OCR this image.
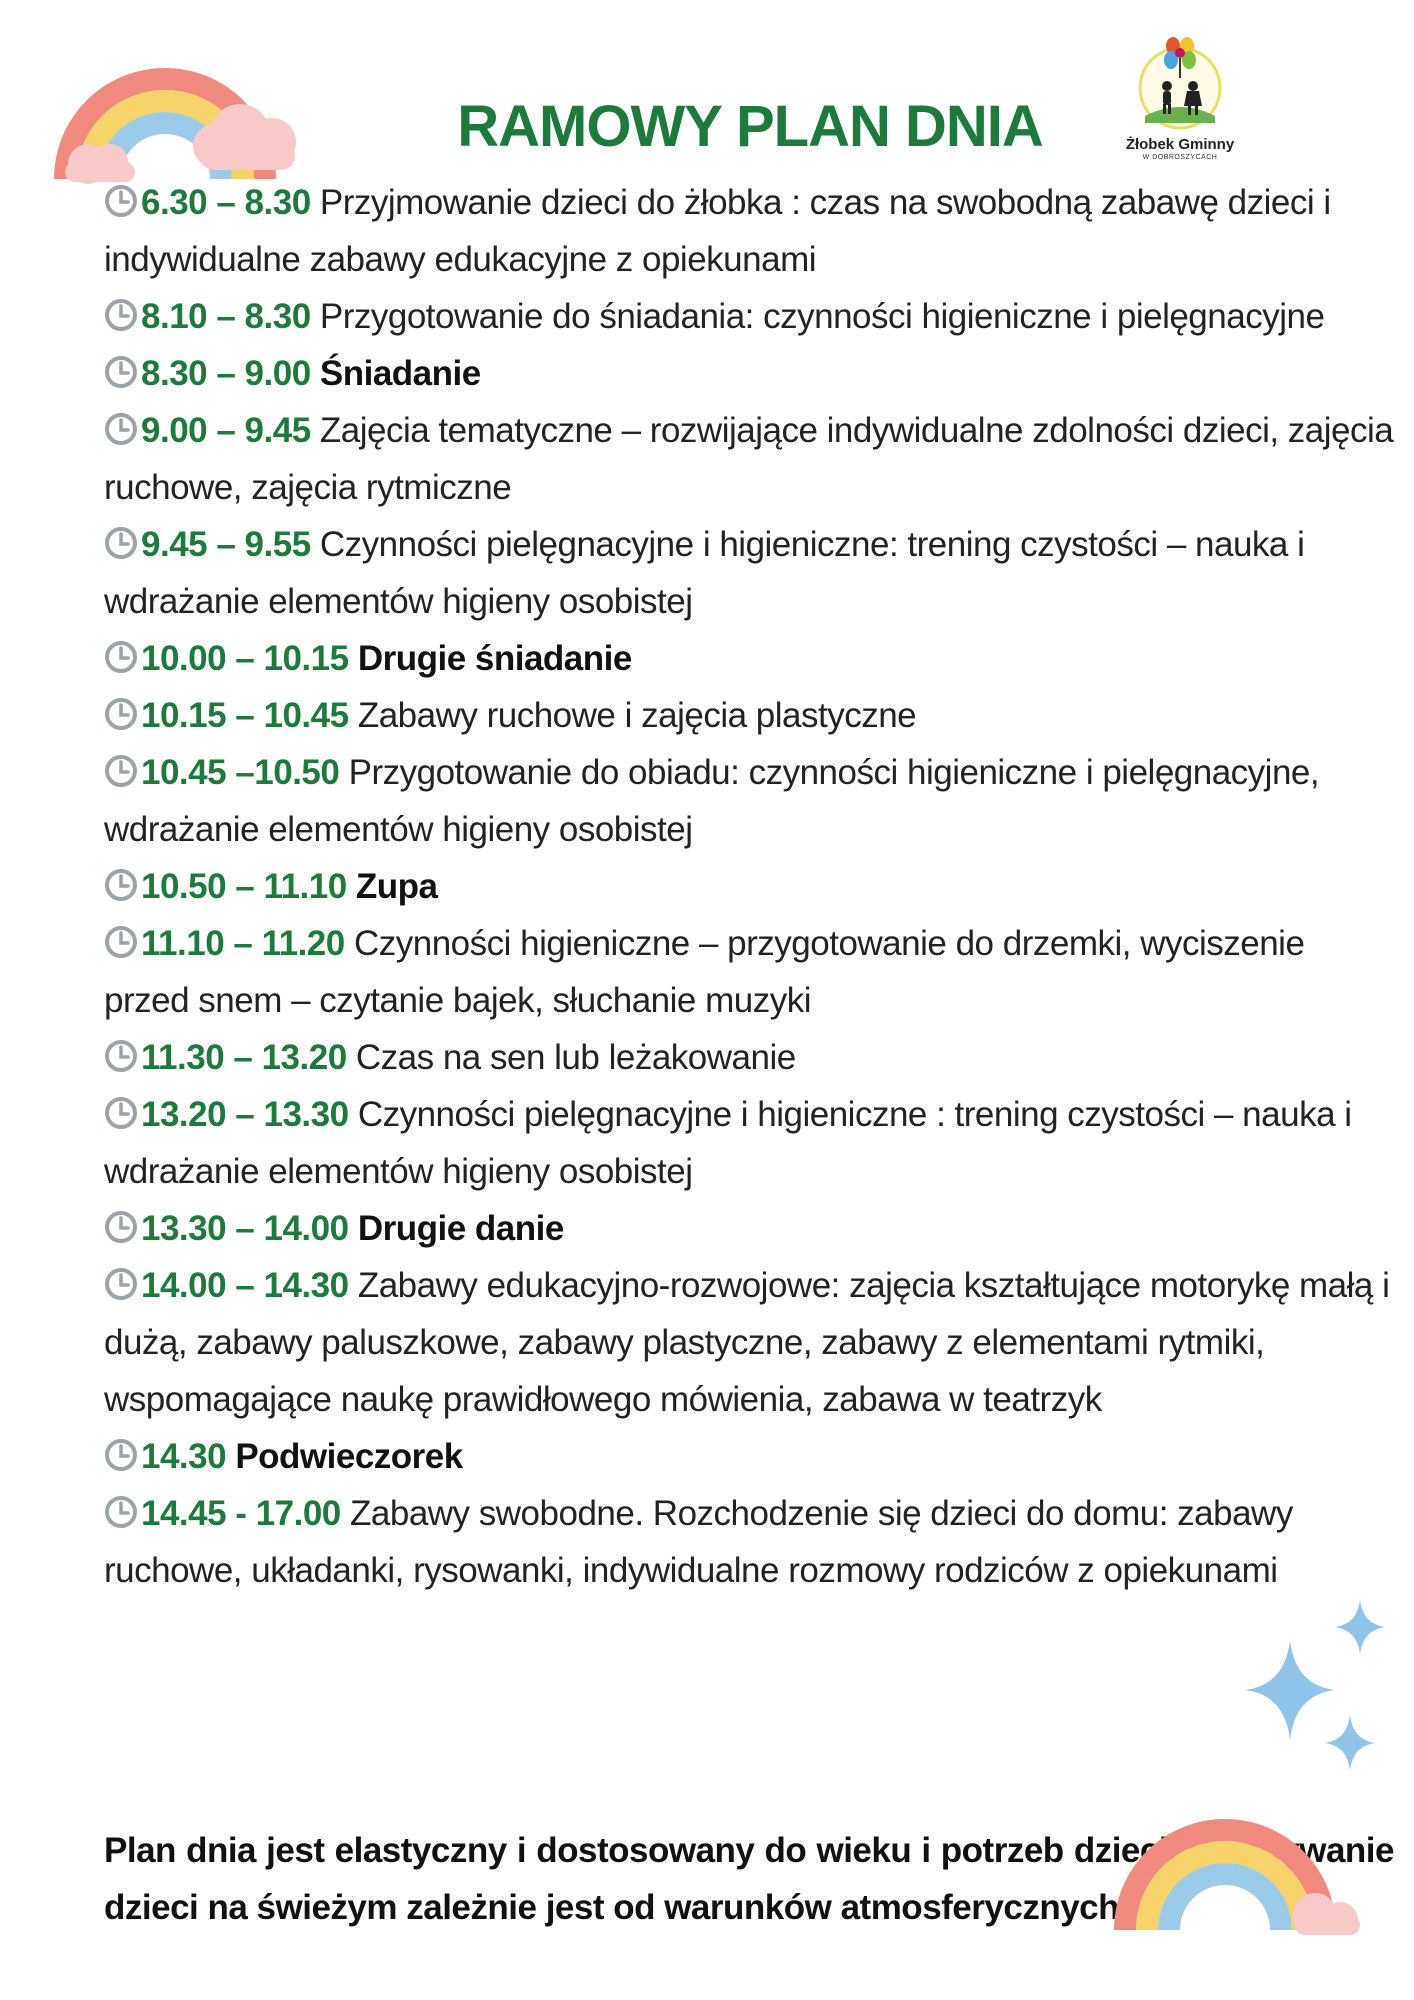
Żłobek Gminny
W DOBROSZYCACH
RAMOWY PLAN DNIA

6.30 – 8.30 Przyjmowanie dzieci do żłobka : czas na swobodną zabawę dzieci i indywidualne zabawy edukacyjne z opiekunami

8.10 – 8.30 Przygotowanie do śniadania: czynności higieniczne i pielęgnacyjne

8.30 – 9.00 Śniadanie

9.00 – 9.45 Zajęcia tematyczne – rozwijające indywidualne zdolności dzieci, zajęcia ruchowe, zajęcia rytmiczne

9.45 – 9.55 Czynności pielęgnacyjne i higieniczne: trening czystości – nauka i wdrażanie elementów higieny osobistej

10.00 – 10.15 Drugie śniadanie

10.15 – 10.45 Zabawy ruchowe i zajęcia plastyczne

10.45 –10.50 Przygotowanie do obiadu: czynności higieniczne i pielęgnacyjne, wdrażanie elementów higieny osobistej

10.50 – 11.10 Zupa

11.10 – 11.20 Czynności higieniczne – przygotowanie do drzemki, wyciszenie przed snem – czytanie bajek, słuchanie muzyki

11.30 – 13.20 Czas na sen lub leżakowanie

13.20 – 13.30 Czynności pielęgnacyjne i higieniczne : trening czystości – nauka i wdrażanie elementów higieny osobistej

13.30 – 14.00 Drugie danie

14.00 – 14.30 Zabawy edukacyjno-rozwojowe: zajęcia kształtujące motorykę małą i dużą, zabawy paluszkowe, zabawy plastyczne, zabawy z elementami rytmiki, wspomagające naukę prawidłowego mówienia, zabawa w teatrzyk

14.30 Podwieczorek

14.45 - 17.00 Zabawy swobodne. Rozchodzenie się dzieci do domu: zabawy ruchowe, układanki, rysowanki, indywidualne rozmowy rodziców z opiekunami

Plan dnia jest elastyczny i dostosowany do wieku i potrzeb dzieci. Przebywanie dzieci na świeżym zależnie jest od warunków atmosferycznych.
